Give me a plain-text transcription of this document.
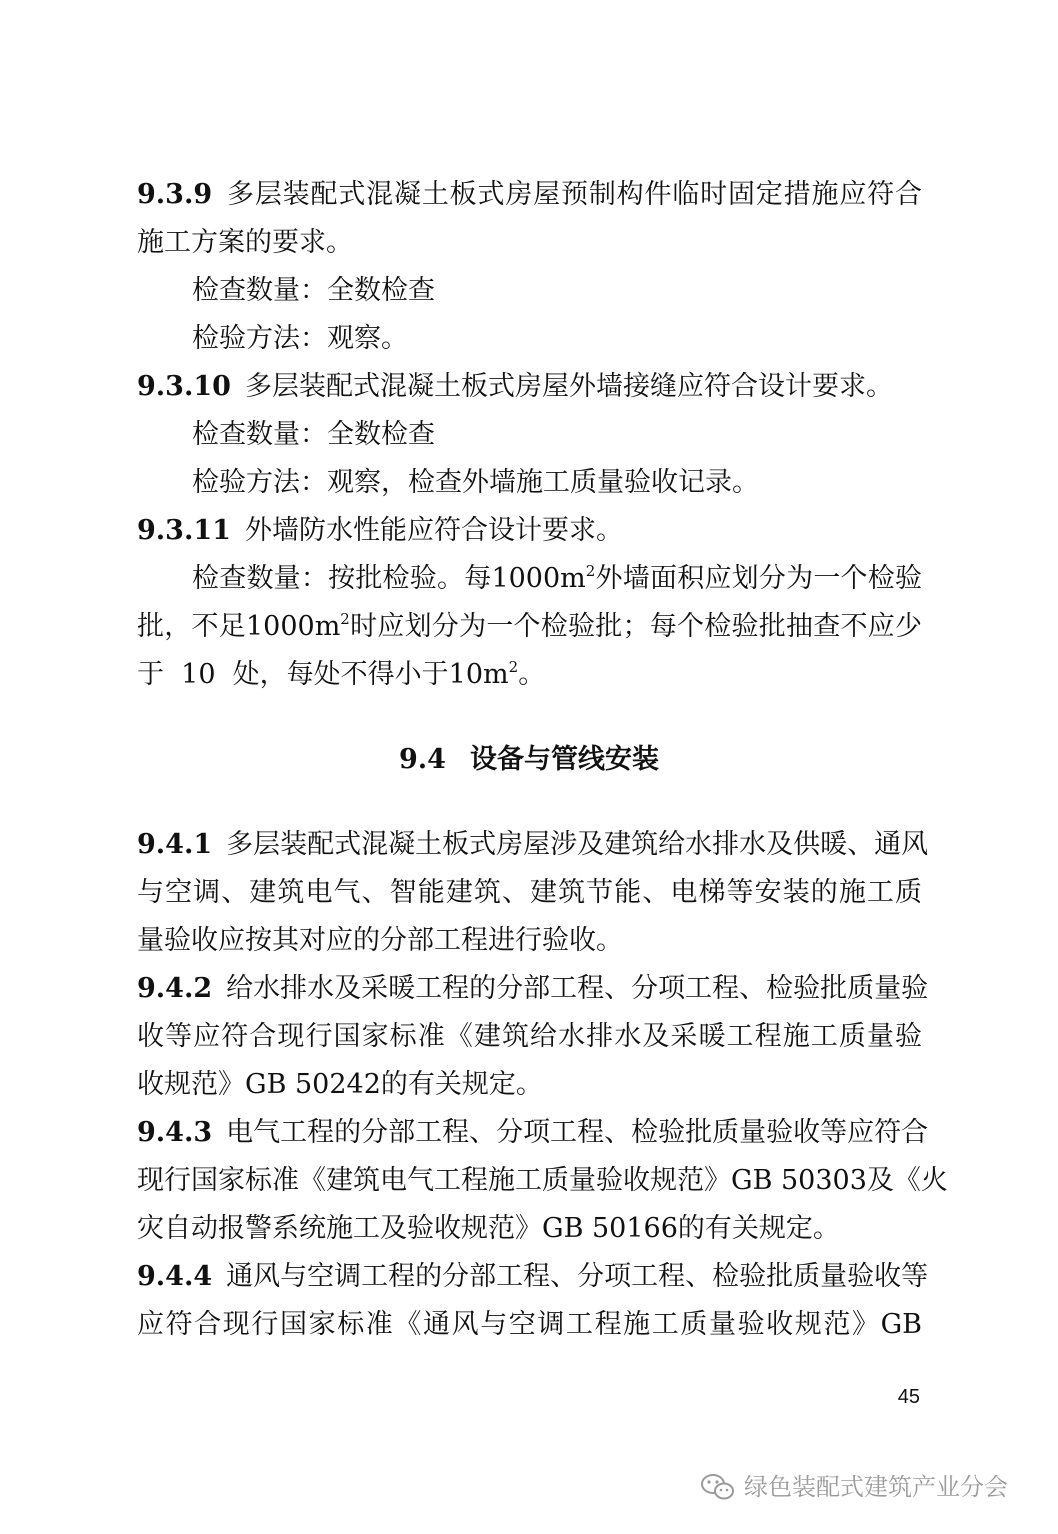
9.3.9 多层装配式混凝土板式房屋预制构件临时固定措施应符合
施工方案的要求。
检查数量：全数检查
检验方法：观察。
9.3.10 多层装配式混凝土板式房屋外墙接缝应符合设计要求。
检查数量：全数检查
检验方法：观察，检查外墙施工质量验收记录。
9.3.11 外墙防水性能应符合设计要求。
检查数量：按批检验。每$1000m^2$外墙面积应划分为一个检验
批，不足$1000m^2$时应划分为一个检验批；每个检验批抽查不应少
于  10  处，每处不得小于$10m^2$。
9.4 设备与管线安装
9.4.1 多层装配式混凝土板式房屋涉及建筑给水排水及供暖、通风
与空调、建筑电气、智能建筑、建筑节能、电梯等安装的施工质
量验收应按其对应的分部工程进行验收。
9.4.2 给水排水及采暖工程的分部工程、分项工程、检验批质量验
收等应符合现行国家标准《建筑给水排水及采暖工程施工质量验
收规范》GB 50242的有关规定。
9.4.3 电气工程的分部工程、分项工程、检验批质量验收等应符合
现行国家标准《建筑电气工程施工质量验收规范》GB 50303及《火
灾自动报警系统施工及验收规范》GB 50166的有关规定。
9.4.4 通风与空调工程的分部工程、分项工程、检验批质量验收等
应符合现行国家标准《通风与空调工程施工质量验收规范》GB
45
绿色装配式建筑产业分会
